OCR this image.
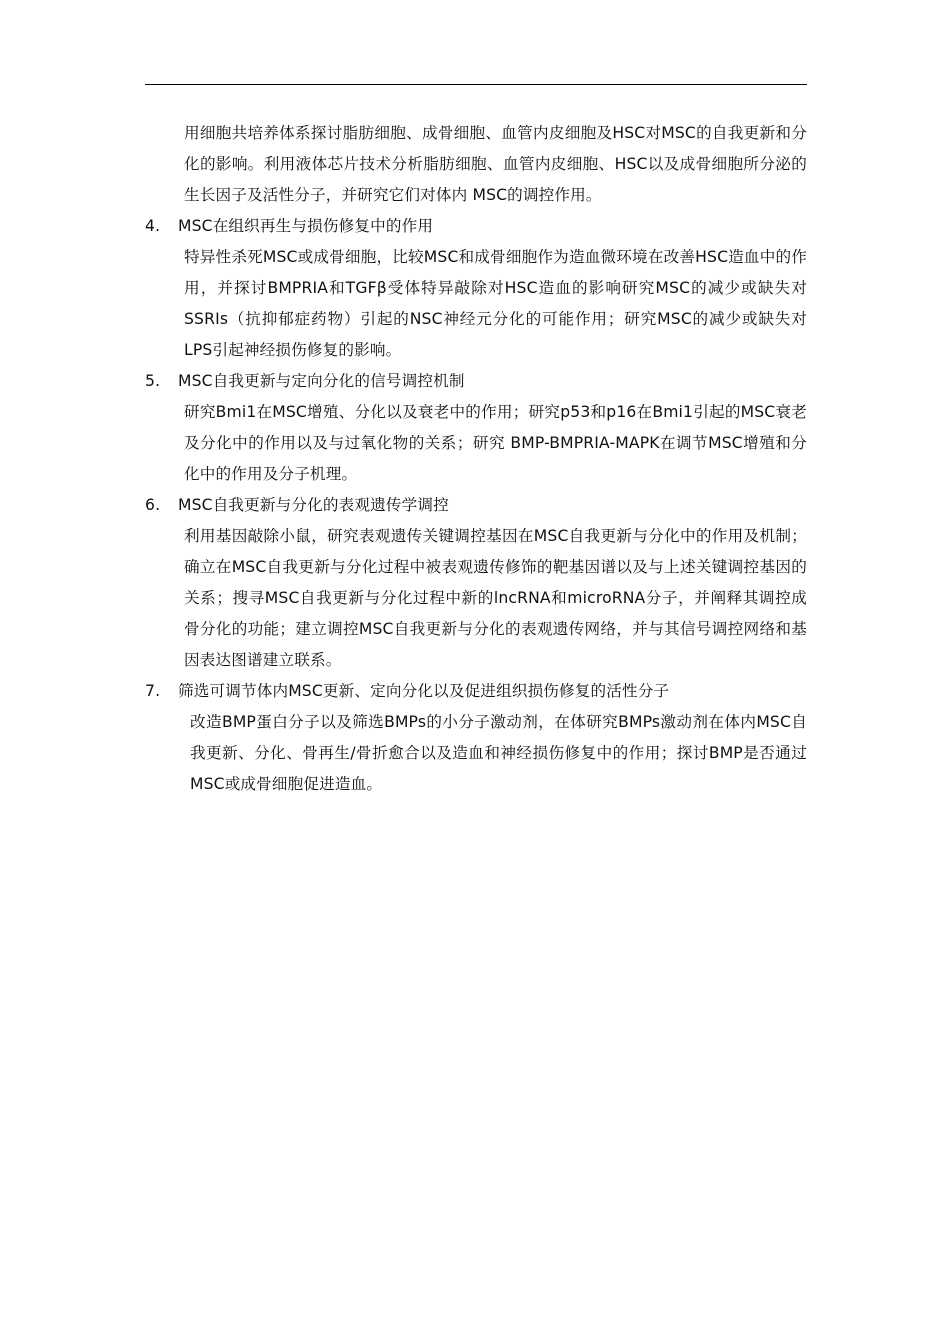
用细胞共培养体系探讨脂肪细胞、成骨细胞、血管内皮细胞及HSC对MSC的自我更新和分化的影响。利用液体芯片技术分析脂肪细胞、血管内皮细胞、HSC以及成骨细胞所分泌的生长因子及活性分子，并研究它们对体内 MSC的调控作用。

4.	MSC在组织再生与损伤修复中的作用

特异性杀死MSC或成骨细胞，比较MSC和成骨细胞作为造血微环境在改善HSC造血中的作用，并探讨BMPRIA和TGFβ受体特异敲除对HSC造血的影响研究MSC的减少或缺失对SSRIs（抗抑郁症药物）引起的NSC神经元分化的可能作用；研究MSC的减少或缺失对LPS引起神经损伤修复的影响。

5.	MSC自我更新与定向分化的信号调控机制

研究Bmi1在MSC增殖、分化以及衰老中的作用；研究p53和p16在Bmi1引起的MSC衰老及分化中的作用以及与过氧化物的关系；研究 BMP-BMPRIA-MAPK在调节MSC增殖和分化中的作用及分子机理。

6.	MSC自我更新与分化的表观遗传学调控

利用基因敲除小鼠，研究表观遗传关键调控基因在MSC自我更新与分化中的作用及机制；确立在MSC自我更新与分化过程中被表观遗传修饰的靶基因谱以及与上述关键调控基因的关系；搜寻MSC自我更新与分化过程中新的lncRNA和microRNA分子，并阐释其调控成骨分化的功能；建立调控MSC自我更新与分化的表观遗传网络，并与其信号调控网络和基因表达图谱建立联系。

7.	筛选可调节体内MSC更新、定向分化以及促进组织损伤修复的活性分子

改造BMP蛋白分子以及筛选BMPs的小分子激动剂，在体研究BMPs激动剂在体内MSC自我更新、分化、骨再生/骨折愈合以及造血和神经损伤修复中的作用；探讨BMP是否通过MSC或成骨细胞促进造血。
